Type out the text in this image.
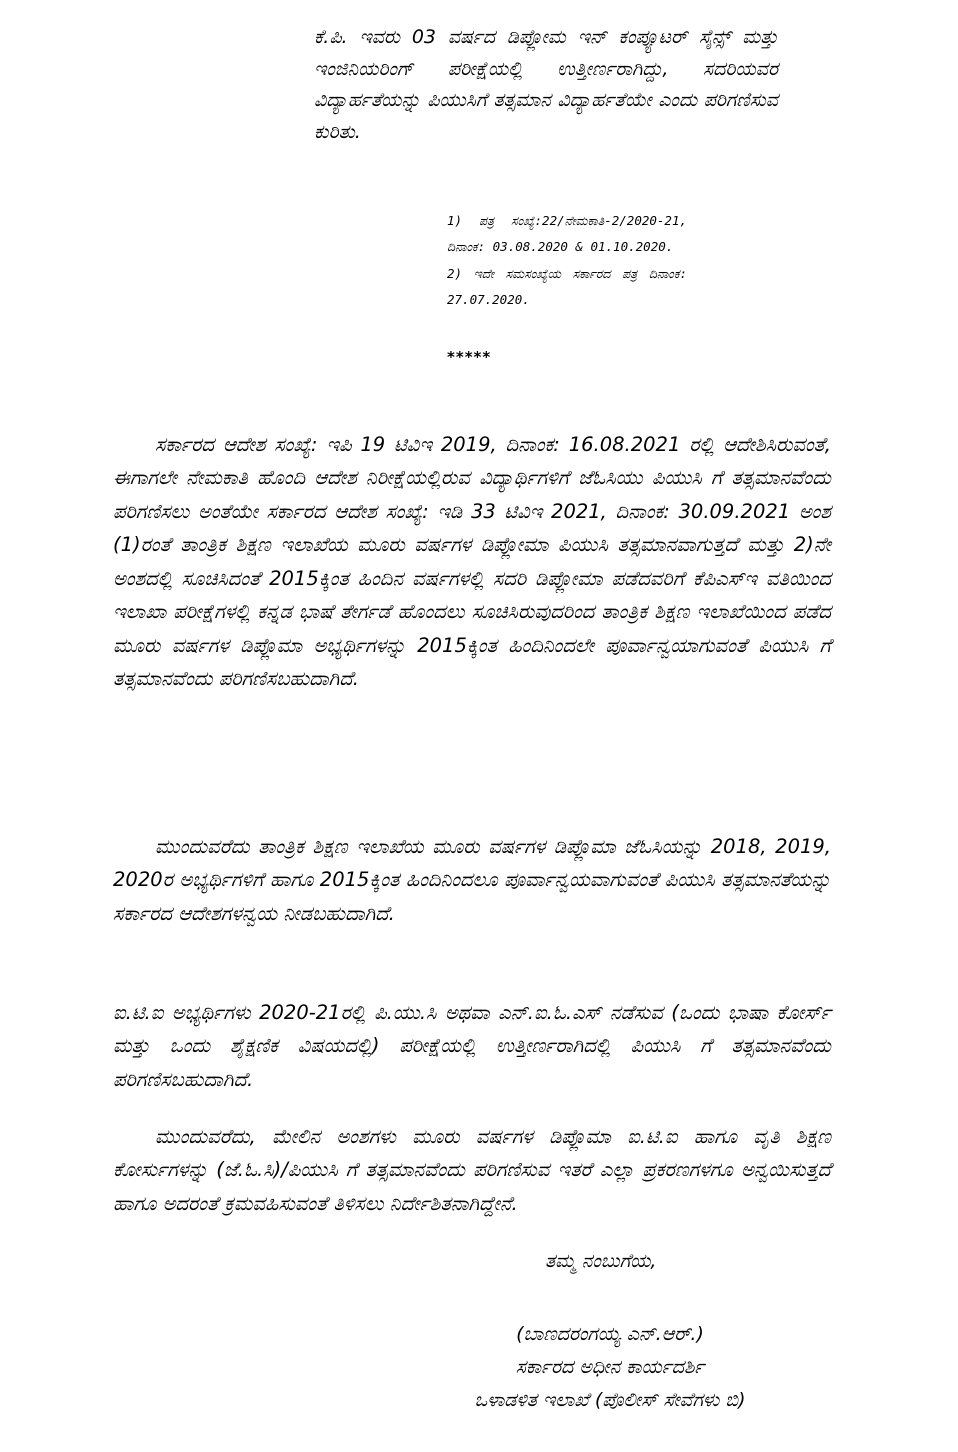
ಕೆ.ಪಿ. ಇವರು 03 ವರ್ಷದ ಡಿಪ್ಲೋಮ ಇನ್ ಕಂಪ್ಯೂಟರ್ ಸೈನ್ಸ್ ಮತ್ತು ಇಂಜಿನಿಯರಿಂಗ್ ಪರೀಕ್ಷೆಯಲ್ಲಿ ಉತ್ತೀರ್ಣರಾಗಿದ್ದು, ಸದರಿಯವರ ವಿದ್ಯಾರ್ಹತೆಯನ್ನು ಪಿಯುಸಿಗೆ ತತ್ಸಮಾನ ವಿದ್ಯಾರ್ಹತೆಯೇ ಎಂದು ಪರಿಗಣಿಸುವ ಕುರಿತು.
1) ಪತ್ರ ಸಂಖ್ಯೆ:22/ನೇಮಕಾತಿ-2/2020-21, ದಿನಾಂಕ: 03.08.2020 & 01.10.2020.
2) ಇದೇ ಸಮಸಂಖ್ಯೆಯ ಸರ್ಕಾರದ ಪತ್ರ ದಿನಾಂಕ: 27.07.2020.
*****

ಸರ್ಕಾರದ ಆದೇಶ ಸಂಖ್ಯೆ: ಇಪಿ 19 ಟಿವಿಇ 2019, ದಿನಾಂಕ: 16.08.2021 ರಲ್ಲಿ ಆದೇಶಿಸಿರುವಂತೆ, ಈಗಾಗಲೇ ನೇಮಕಾತಿ ಹೊಂದಿ ಆದೇಶ ನಿರೀಕ್ಷೆಯಲ್ಲಿರುವ ವಿದ್ಯಾರ್ಥಿಗಳಿಗೆ ಜೆಓಸಿಯು ಪಿಯುಸಿ ಗೆ ತತ್ಸಮಾನವೆಂದು ಪರಿಗಣಿಸಲು ಅಂತೆಯೇ ಸರ್ಕಾರದ ಆದೇಶ ಸಂಖ್ಯೆ: ಇಡಿ 33 ಟಿವಿಇ 2021, ದಿನಾಂಕ: 30.09.2021 ಅಂಶ (1)ರಂತೆ ತಾಂತ್ರಿಕ ಶಿಕ್ಷಣ ಇಲಾಖೆಯ ಮೂರು ವರ್ಷಗಳ ಡಿಪ್ಲೋಮಾ ಪಿಯುಸಿ ತತ್ಸಮಾನವಾಗುತ್ತದೆ ಮತ್ತು 2)ನೇ ಅಂಶದಲ್ಲಿ ಸೂಚಿಸಿದಂತೆ 2015ಕ್ಕಿಂತ ಹಿಂದಿನ ವರ್ಷಗಳಲ್ಲಿ ಸದರಿ ಡಿಪ್ಲೋಮಾ ಪಡೆದವರಿಗೆ ಕೆಪಿಎಸ್ಇ ವತಿಯಿಂದ ಇಲಾಖಾ ಪರೀಕ್ಷೆಗಳಲ್ಲಿ ಕನ್ನಡ ಭಾಷೆ ತೇರ್ಗಡೆ ಹೊಂದಲು ಸೂಚಿಸಿರುವುದರಿಂದ ತಾಂತ್ರಿಕ ಶಿಕ್ಷಣ ಇಲಾಖೆಯಿಂದ ಪಡೆದ ಮೂರು ವರ್ಷಗಳ ಡಿಪ್ಲೊಮಾ ಅಭ್ಯರ್ಥಿಗಳನ್ನು 2015ಕ್ಕಿಂತ ಹಿಂದಿನಿಂದಲೇ ಪೂರ್ವಾನ್ವಯಾಗುವಂತೆ ಪಿಯುಸಿ ಗೆ ತತ್ಸಮಾನವೆಂದು ಪರಿಗಣಿಸಬಹುದಾಗಿದೆ.

ಮುಂದುವರೆದು ತಾಂತ್ರಿಕ ಶಿಕ್ಷಣ ಇಲಾಖೆಯ ಮೂರು ವರ್ಷಗಳ ಡಿಪ್ಲೊಮಾ ಜೆಓಸಿಯನ್ನು 2018, 2019, 2020ರ ಅಭ್ಯರ್ಥಿಗಳಿಗೆ ಹಾಗೂ 2015ಕ್ಕಿಂತ ಹಿಂದಿನಿಂದಲೂ ಪೂರ್ವಾನ್ವಯವಾಗುವಂತೆ ಪಿಯುಸಿ ತತ್ಸಮಾನತೆಯನ್ನು ಸರ್ಕಾರದ ಆದೇಶಗಳನ್ವಯ ನೀಡಬಹುದಾಗಿದೆ.

ಐ.ಟಿ.ಐ ಅಭ್ಯರ್ಥಿಗಳು 2020-21ರಲ್ಲಿ ಪಿ.ಯು.ಸಿ ಅಥವಾ ಎನ್.ಐ.ಓ.ಎಸ್ ನಡೆಸುವ (ಒಂದು ಭಾಷಾ ಕೋರ್ಸ್ ಮತ್ತು ಒಂದು ಶೈಕ್ಷಣಿಕ ವಿಷಯದಲ್ಲಿ) ಪರೀಕ್ಷೆಯಲ್ಲಿ ಉತ್ತೀರ್ಣರಾಗಿದಲ್ಲಿ ಪಿಯುಸಿ ಗೆ ತತ್ಸಮಾನವೆಂದು ಪರಿಗಣಿಸಬಹುದಾಗಿದೆ.

ಮುಂದುವರೆದು, ಮೇಲಿನ ಅಂಶಗಳು ಮೂರು ವರ್ಷಗಳ ಡಿಪ್ಲೊಮಾ ಐ.ಟಿ.ಐ ಹಾಗೂ ವೃತಿ ಶಿಕ್ಷಣ ಕೋರ್ಸುಗಳನ್ನು (ಜೆ.ಓ.ಸಿ)/ಪಿಯುಸಿ ಗೆ ತತ್ಸಮಾನವೆಂದು ಪರಿಗಣಿಸುವ ಇತರೆ ಎಲ್ಲಾ ಪ್ರಕರಣಗಳಗೂ ಅನ್ವಯಿಸುತ್ತದೆ ಹಾಗೂ ಅದರಂತೆ ಕ್ರಮವಹಿಸುವಂತೆ ತಿಳಿಸಲು ನಿರ್ದೇಶಿತನಾಗಿದ್ದೇನೆ.

ತಮ್ಮ ನಂಬುಗೆಯ,
(ಬಾಣದರಂಗಯ್ಯ ಎನ್.ಆರ್.)
ಸರ್ಕಾರದ ಅಧೀನ ಕಾರ್ಯದರ್ಶಿ
ಒಳಾಡಳಿತ ಇಲಾಖೆ (ಪೊಲೀಸ್ ಸೇವೆಗಳು ಬಿ)
